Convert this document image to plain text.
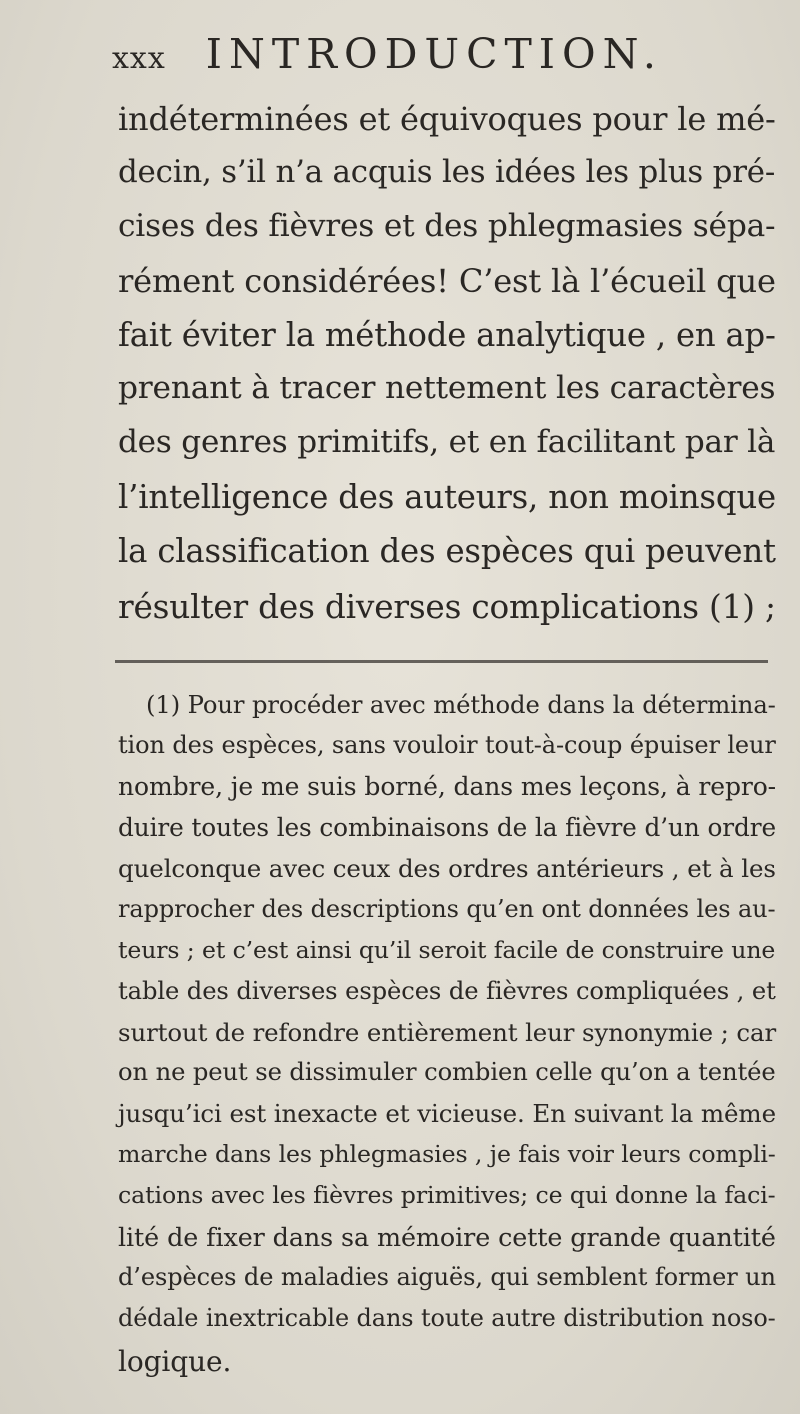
xxx INTRODUCTION.
indéterminées et équivoques pour le mé-
decin, s’il n’a acquis les idées les plus pré-
cises des fièvres et des phlegmasies sépa-
rément considérées! C’est là l’écueil que
fait éviter la méthode analytique , en ap-
prenant à tracer nettement les caractères
des genres primitifs, et en facilitant par là
l’intelligence des auteurs, non moinsque
la classification des espèces qui peuvent
résulter des diverses complications (1) ;
(1) Pour procéder avec méthode dans la détermina-
tion des espèces, sans vouloir tout-à-coup épuiser leur
nombre, je me suis borné, dans mes leçons, à repro-
duire toutes les combinaisons de la fièvre d’un ordre
quelconque avec ceux des ordres antérieurs , et à les
rapprocher des descriptions qu’en ont données les au-
teurs ; et c’est ainsi qu’il seroit facile de construire une
table des diverses espèces de fièvres compliquées , et
surtout de refondre entièrement leur synonymie ; car
on ne peut se dissimuler combien celle qu’on a tentée
jusqu’ici est inexacte et vicieuse. En suivant la même
marche dans les phlegmasies , je fais voir leurs compli-
cations avec les fièvres primitives; ce qui donne la faci-
lité de fixer dans sa mémoire cette grande quantité
d’espèces de maladies aiguës, qui semblent former un
dédale inextricable dans toute autre distribution noso-
logique.
